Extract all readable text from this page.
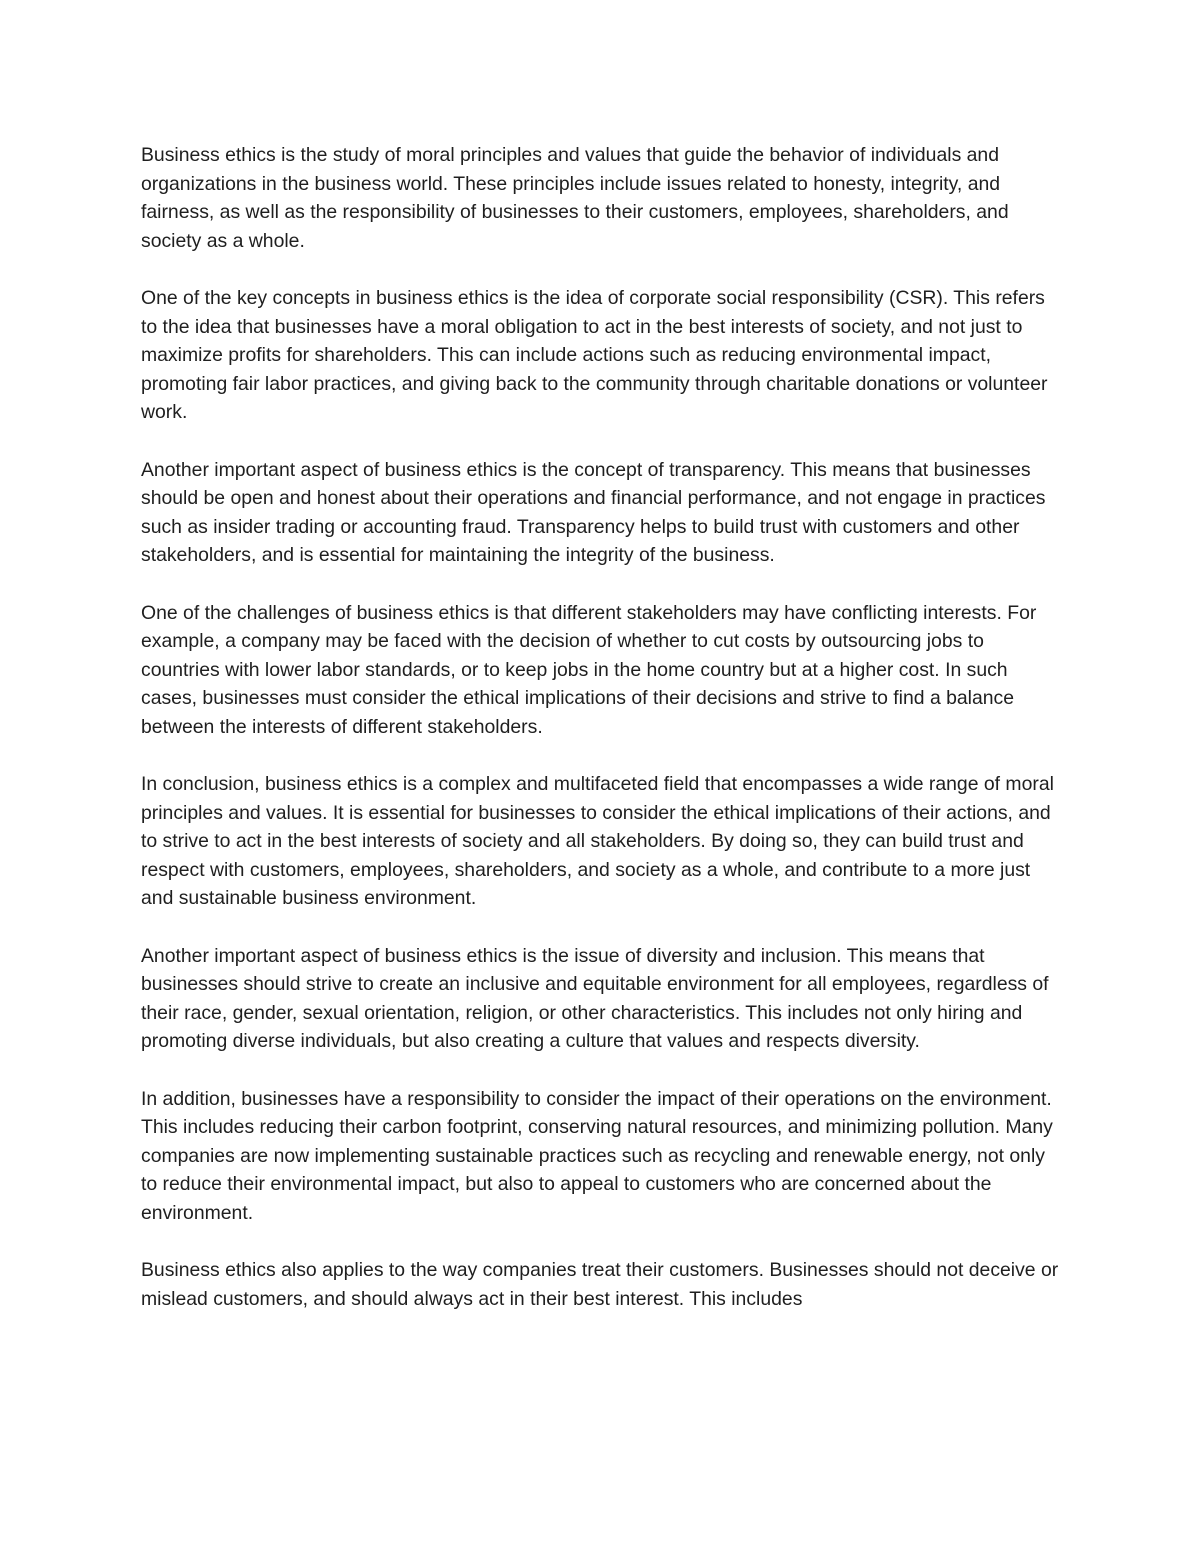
Business ethics is the study of moral principles and values that guide the behavior of individuals and organizations in the business world. These principles include issues related to honesty, integrity, and fairness, as well as the responsibility of businesses to their customers, employees, shareholders, and society as a whole.

One of the key concepts in business ethics is the idea of corporate social responsibility (CSR). This refers to the idea that businesses have a moral obligation to act in the best interests of society, and not just to maximize profits for shareholders. This can include actions such as reducing environmental impact, promoting fair labor practices, and giving back to the community through charitable donations or volunteer work.

Another important aspect of business ethics is the concept of transparency. This means that businesses should be open and honest about their operations and financial performance, and not engage in practices such as insider trading or accounting fraud. Transparency helps to build trust with customers and other stakeholders, and is essential for maintaining the integrity of the business.

One of the challenges of business ethics is that different stakeholders may have conflicting interests. For example, a company may be faced with the decision of whether to cut costs by outsourcing jobs to countries with lower labor standards, or to keep jobs in the home country but at a higher cost. In such cases, businesses must consider the ethical implications of their decisions and strive to find a balance between the interests of different stakeholders.

In conclusion, business ethics is a complex and multifaceted field that encompasses a wide range of moral principles and values. It is essential for businesses to consider the ethical implications of their actions, and to strive to act in the best interests of society and all stakeholders. By doing so, they can build trust and respect with customers, employees, shareholders, and society as a whole, and contribute to a more just and sustainable business environment.

Another important aspect of business ethics is the issue of diversity and inclusion. This means that businesses should strive to create an inclusive and equitable environment for all employees, regardless of their race, gender, sexual orientation, religion, or other characteristics. This includes not only hiring and promoting diverse individuals, but also creating a culture that values and respects diversity.

In addition, businesses have a responsibility to consider the impact of their operations on the environment. This includes reducing their carbon footprint, conserving natural resources, and minimizing pollution. Many companies are now implementing sustainable practices such as recycling and renewable energy, not only to reduce their environmental impact, but also to appeal to customers who are concerned about the environment.

Business ethics also applies to the way companies treat their customers. Businesses should not deceive or mislead customers, and should always act in their best interest. This includes
